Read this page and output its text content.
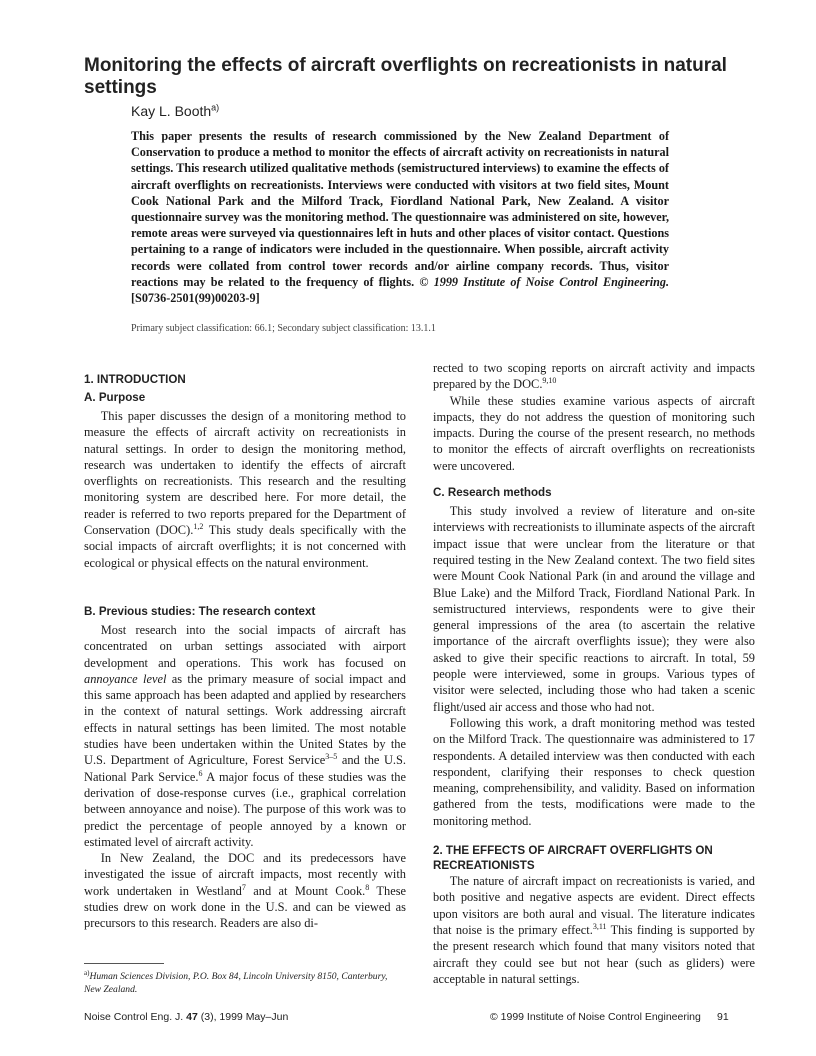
Monitoring the effects of aircraft overflights on recreationists in natural settings

Kay L. Booth$^{a)}$

This paper presents the results of research commissioned by the New Zealand Department of Conservation to produce a method to monitor the effects of aircraft activity on recreationists in natural settings. This research utilized qualitative methods (semistructured interviews) to examine the effects of aircraft overflights on recreationists. Interviews were conducted with visitors at two field sites, Mount Cook National Park and the Milford Track, Fiordland National Park, New Zealand. A visitor questionnaire survey was the monitoring method. The questionnaire was administered on site, however, remote areas were surveyed via questionnaires left in huts and other places of visitor contact. Questions pertaining to a range of indicators were included in the questionnaire. When possible, aircraft activity records were collated from control tower records and/or airline company records. Thus, visitor reactions may be related to the frequency of flights. © 1999 Institute of Noise Control Engineering. [S0736-2501(99)00203-9]

Primary subject classification: 66.1; Secondary subject classification: 13.1.1

1. INTRODUCTION
A. Purpose

This paper discusses the design of a monitoring method to measure the effects of aircraft activity on recreationists in natural settings. In order to design the monitoring method, research was undertaken to identify the effects of aircraft overflights on recreationists. This research and the resulting monitoring system are described here. For more detail, the reader is referred to two reports prepared for the Department of Conservation (DOC).$^{1,2}$ This study deals specifically with the social impacts of aircraft overflights; it is not concerned with ecological or physical effects on the natural environment.

B. Previous studies: The research context

Most research into the social impacts of aircraft has concentrated on urban settings associated with airport development and operations. This work has focused on annoyance level as the primary measure of social impact and this same approach has been adapted and applied by researchers in the context of natural settings. Work addressing aircraft effects in natural settings has been limited. The most notable studies have been undertaken within the United States by the U.S. Department of Agriculture, Forest Service$^{3-5}$ and the U.S. National Park Service.$^6$ A major focus of these studies was the derivation of dose-response curves (i.e., graphical correlation between annoyance and noise). The purpose of this work was to predict the percentage of people annoyed by a known or estimated level of aircraft activity.

In New Zealand, the DOC and its predecessors have investigated the issue of aircraft impacts, most recently with work undertaken in Westland$^7$ and at Mount Cook.$^8$ These studies drew on work done in the U.S. and can be viewed as precursors to this research. Readers are also di-

rected to two scoping reports on aircraft activity and impacts prepared by the DOC.$^{9,10}$

While these studies examine various aspects of aircraft impacts, they do not address the question of monitoring such impacts. During the course of the present research, no methods to monitor the effects of aircraft overflights on recreationists were uncovered.

C. Research methods

This study involved a review of literature and on-site interviews with recreationists to illuminate aspects of the aircraft impact issue that were unclear from the literature or that required testing in the New Zealand context. The two field sites were Mount Cook National Park (in and around the village and Blue Lake) and the Milford Track, Fiordland National Park. In semistructured interviews, respondents were to give their general impressions of the area (to ascertain the relative importance of the aircraft overflights issue); they were also asked to give their specific reactions to aircraft. In total, 59 people were interviewed, some in groups. Various types of visitor were selected, including those who had taken a scenic flight/used air access and those who had not.

Following this work, a draft monitoring method was tested on the Milford Track. The questionnaire was administered to 17 respondents. A detailed interview was then conducted with each respondent, clarifying their responses to check question meaning, comprehensibility, and validity. Based on information gathered from the tests, modifications were made to the monitoring method.

2. THE EFFECTS OF AIRCRAFT OVERFLIGHTS ON RECREATIONISTS

The nature of aircraft impact on recreationists is varied, and both positive and negative aspects are evident. Direct effects upon visitors are both aural and visual. The literature indicates that noise is the primary effect.$^{3,11}$ This finding is supported by the present research which found that many visitors noted that aircraft they could see but not hear (such as gliders) were acceptable in natural settings.

$^{a)}$Human Sciences Division, P.O. Box 84, Lincoln University 8150, Canterbury, New Zealand.

Noise Control Eng. J. 47 (3), 1999 May–Jun	© 1999 Institute of Noise Control Engineering 91
